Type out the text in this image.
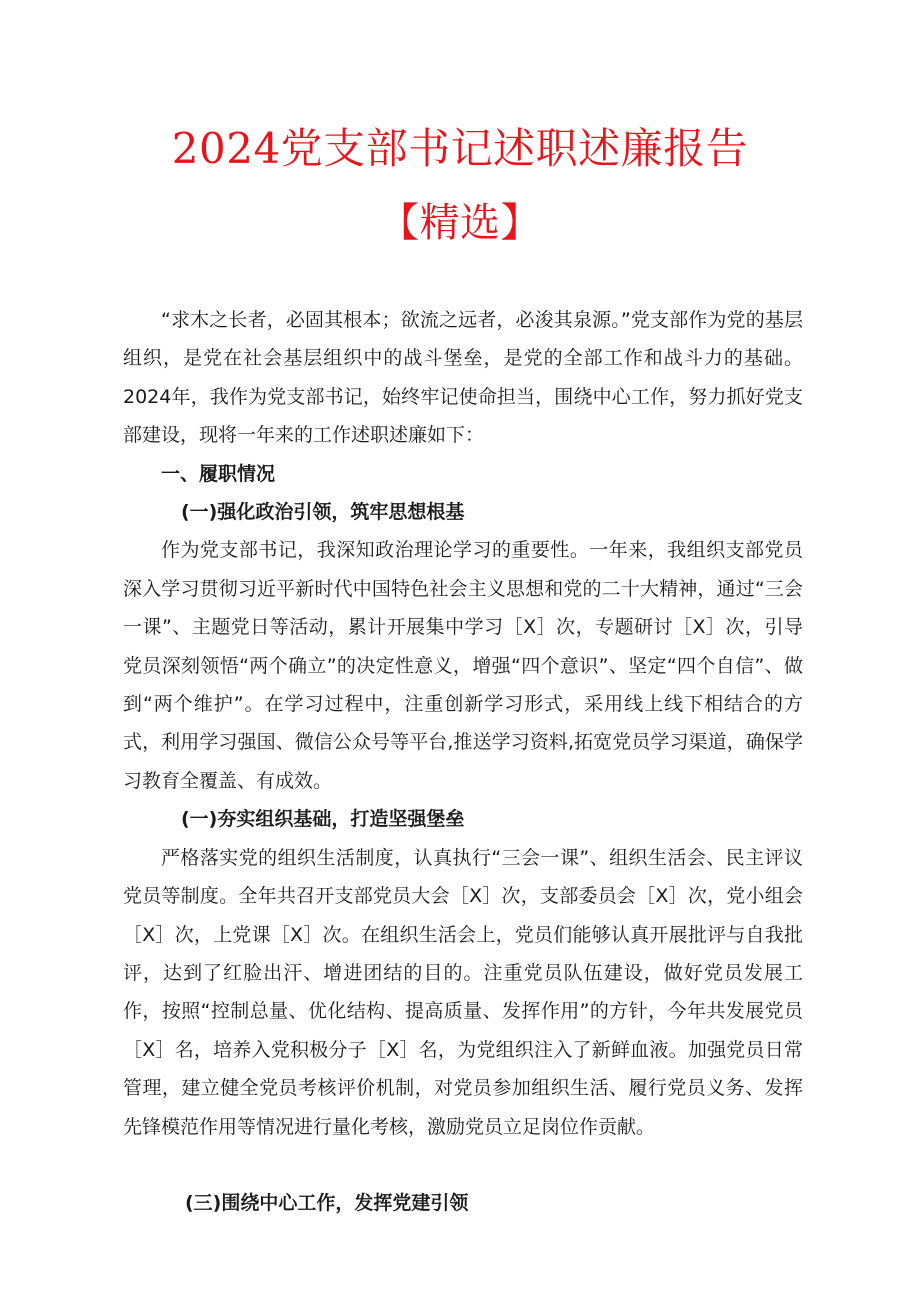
2024党支部书记述职述廉报告
【精选】

“求木之长者，必固其根本；欲流之远者，必浚其泉源。”党支部作为党的基层组织，是党在社会基层组织中的战斗堡垒，是党的全部工作和战斗力的基础。2024年，我作为党支部书记，始终牢记使命担当，围绕中心工作，努力抓好党支部建设，现将一年来的工作述职述廉如下：

一、履职情况
(一)强化政治引领，筑牢思想根基

作为党支部书记，我深知政治理论学习的重要性。一年来，我组织支部党员深入学习贯彻习近平新时代中国特色社会主义思想和党的二十大精神，通过“三会一课”、主题党日等活动，累计开展集中学习［X］次，专题研讨［X］次，引导党员深刻领悟“两个确立”的决定性意义，增强“四个意识”、坚定“四个自信”、做到“两个维护”。在学习过程中，注重创新学习形式，采用线上线下相结合的方式，利用学习强国、微信公众号等平台,推送学习资料,拓宽党员学习渠道，确保学习教育全覆盖、有成效。

(一)夯实组织基础，打造坚强堡垒

严格落实党的组织生活制度，认真执行“三会一课”、组织生活会、民主评议党员等制度。全年共召开支部党员大会［X］次，支部委员会［X］次，党小组会［X］次，上党课［X］次。在组织生活会上，党员们能够认真开展批评与自我批评，达到了红脸出汗、增进团结的目的。注重党员队伍建设，做好党员发展工作，按照“控制总量、优化结构、提高质量、发挥作用”的方针，今年共发展党员［X］名，培养入党积极分子［X］名，为党组织注入了新鲜血液。加强党员日常管理，建立健全党员考核评价机制，对党员参加组织生活、履行党员义务、发挥先锋模范作用等情况进行量化考核，激励党员立足岗位作贡献。

(三)围绕中心工作，发挥党建引领
